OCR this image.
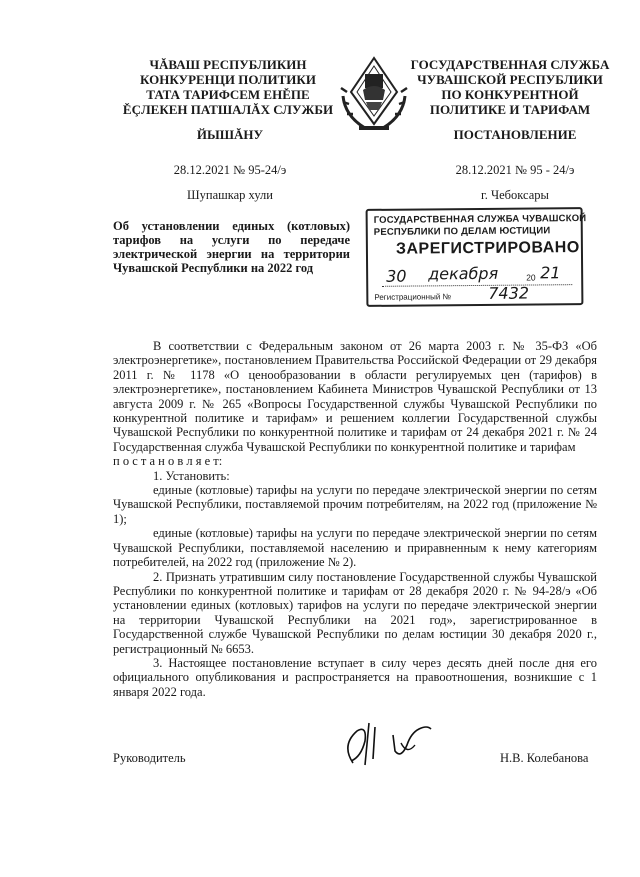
ЧĂВАШ РЕСПУБЛИКИН
КОНКУРЕНЦИ ПОЛИТИКИ
ТАТА ТАРИФСЕМ ЕНĚПЕ
ĚÇЛЕКЕН ПАТШАЛĂХ СЛУЖБИ
ГОСУДАРСТВЕННАЯ СЛУЖБА
ЧУВАШСКОЙ РЕСПУБЛИКИ
ПО КОНКУРЕНТНОЙ
ПОЛИТИКЕ И ТАРИФАМ
ЙЫШĂНУ	ПОСТАНОВЛЕНИЕ
28.12.2021 № 95-24/э	28.12.2021 № 95 - 24/э
Шупашкар хули	г. Чебоксары
Об установлении единых (котловых)
тарифов на услуги по передаче
электрической энергии на территории
Чувашской Республики на 2022 год
ГОСУДАРСТВЕННАЯ СЛУЖБА ЧУВАШСКОЙ
РЕСПУБЛИКИ ПО ДЕЛАМ ЮСТИЦИИ
ЗАРЕГИСТРИРОВАНО
30 декабря	20 21
Регистрационный № 7432

В соответствии с Федеральным законом от 26 марта 2003 г. № 35-ФЗ «Об электроэнергетике», постановлением Правительства Российской Федерации от 29 декабря 2011 г. № 1178 «О ценообразовании в области регулируемых цен (тарифов) в электроэнергетике», постановлением Кабинета Министров Чувашской Республики от 13 августа 2009 г. № 265 «Вопросы Государственной службы Чувашской Республики по конкурентной политике и тарифам» и решением коллегии Государственной службы Чувашской Республики по конкурентной политике и тарифам от 24 декабря 2021 г. № 24 Государственная служба Чувашской Республики по конкурентной политике и тарифам

п о с т а н о в л я е т:

1. Установить:

единые (котловые) тарифы на услуги по передаче электрической энергии по сетям Чувашской Республики, поставляемой прочим потребителям, на 2022 год (приложение № 1);

единые (котловые) тарифы на услуги по передаче электрической энергии по сетям Чувашской Республики, поставляемой населению и приравненным к нему категориям потребителей, на 2022 год (приложение № 2).

2. Признать утратившим силу постановление Государственной службы Чувашской Республики по конкурентной политике и тарифам от 28 декабря 2020 г. № 94-28/э «Об установлении единых (котловых) тарифов на услуги по передаче электрической энергии на территории Чувашской Республики на 2021 год», зарегистрированное в Государственной службе Чувашской Республики по делам юстиции 30 декабря 2020 г., регистрационный № 6653.

3. Настоящее постановление вступает в силу через десять дней после дня его официального опубликования и распространяется на правоотношения, возникшие с 1 января 2022 года.

Руководитель	Н.В. Колебанова
